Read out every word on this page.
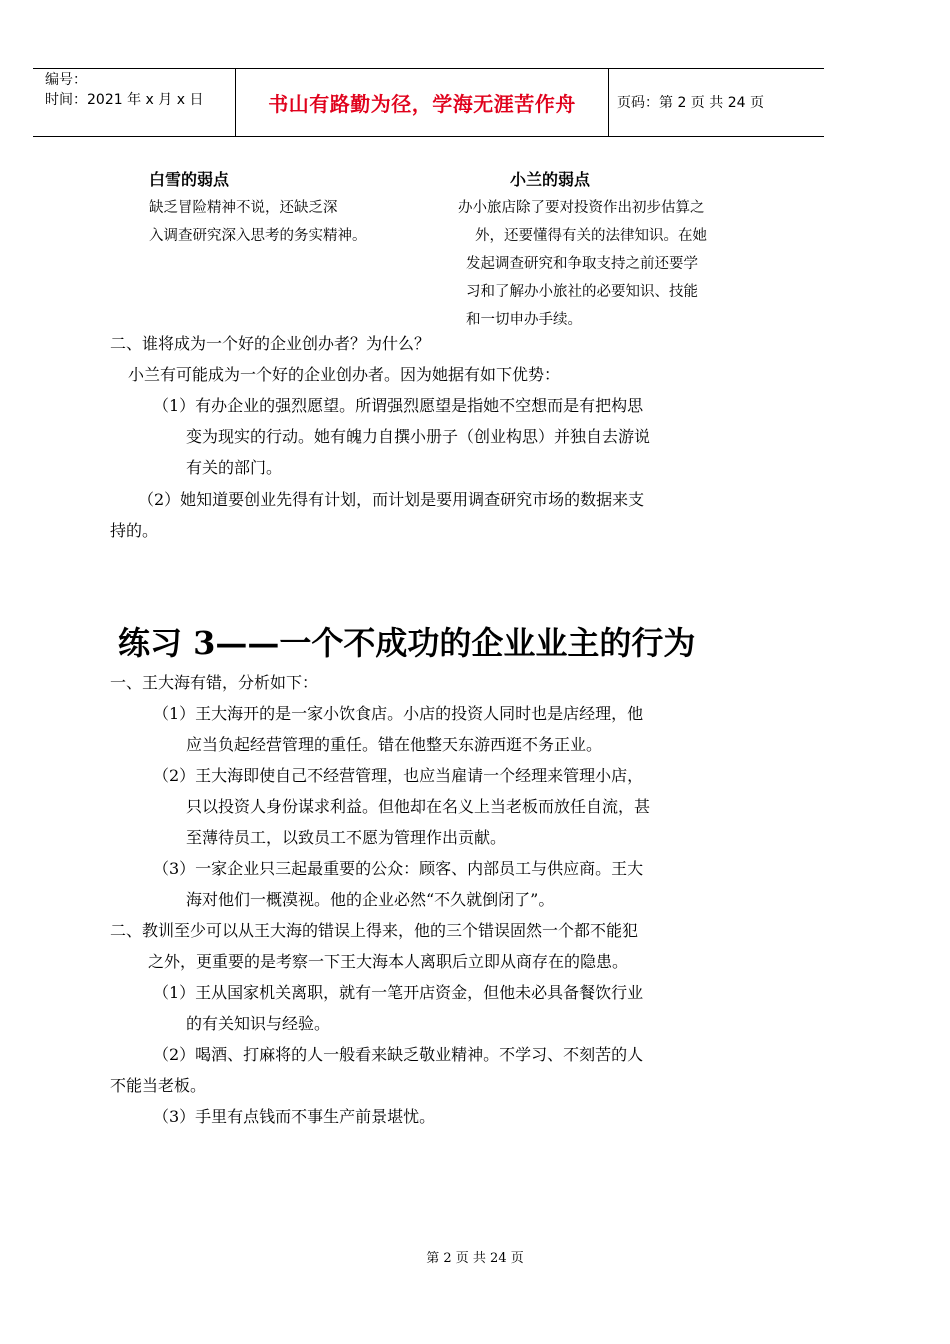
编号：
时间：2021 年 x 月 x 日	书山有路勤为径，学海无涯苦作舟	页码：第 2 页 共 24 页
白雪的弱点
缺乏冒险精神不说，还缺乏深
入调查研究深入思考的务实精神。
小兰的弱点
办小旅店除了要对投资作出初步估算之
外，还要懂得有关的法律知识。在她
发起调查研究和争取支持之前还要学
习和了解办小旅社的必要知识、技能
和一切申办手续。
二、谁将成为一个好的企业创办者？为什么？
小兰有可能成为一个好的企业创办者。因为她据有如下优势：
（1）有办企业的强烈愿望。所谓强烈愿望是指她不空想而是有把构思
变为现实的行动。她有魄力自撰小册子（创业构思）并独自去游说
有关的部门。
（2）她知道要创业先得有计划，而计划是要用调查研究市场的数据来支
持的。
练习 3——一个不成功的企业业主的行为
一、王大海有错，分析如下：
（1）王大海开的是一家小饮食店。小店的投资人同时也是店经理，他
应当负起经营管理的重任。错在他整天东游西逛不务正业。
（2）王大海即使自己不经营管理，也应当雇请一个经理来管理小店，
只以投资人身份谋求利益。但他却在名义上当老板而放任自流，甚
至薄待员工，以致员工不愿为管理作出贡献。
（3）一家企业只三起最重要的公众：顾客、内部员工与供应商。王大
海对他们一概漠视。他的企业必然“不久就倒闭了”。
二、教训至少可以从王大海的错误上得来，他的三个错误固然一个都不能犯
之外，更重要的是考察一下王大海本人离职后立即从商存在的隐患。
（1）王从国家机关离职，就有一笔开店资金，但他未必具备餐饮行业
的有关知识与经验。
（2）喝酒、打麻将的人一般看来缺乏敬业精神。不学习、不刻苦的人
不能当老板。
（3）手里有点钱而不事生产前景堪忧。
第 2 页 共 24 页
